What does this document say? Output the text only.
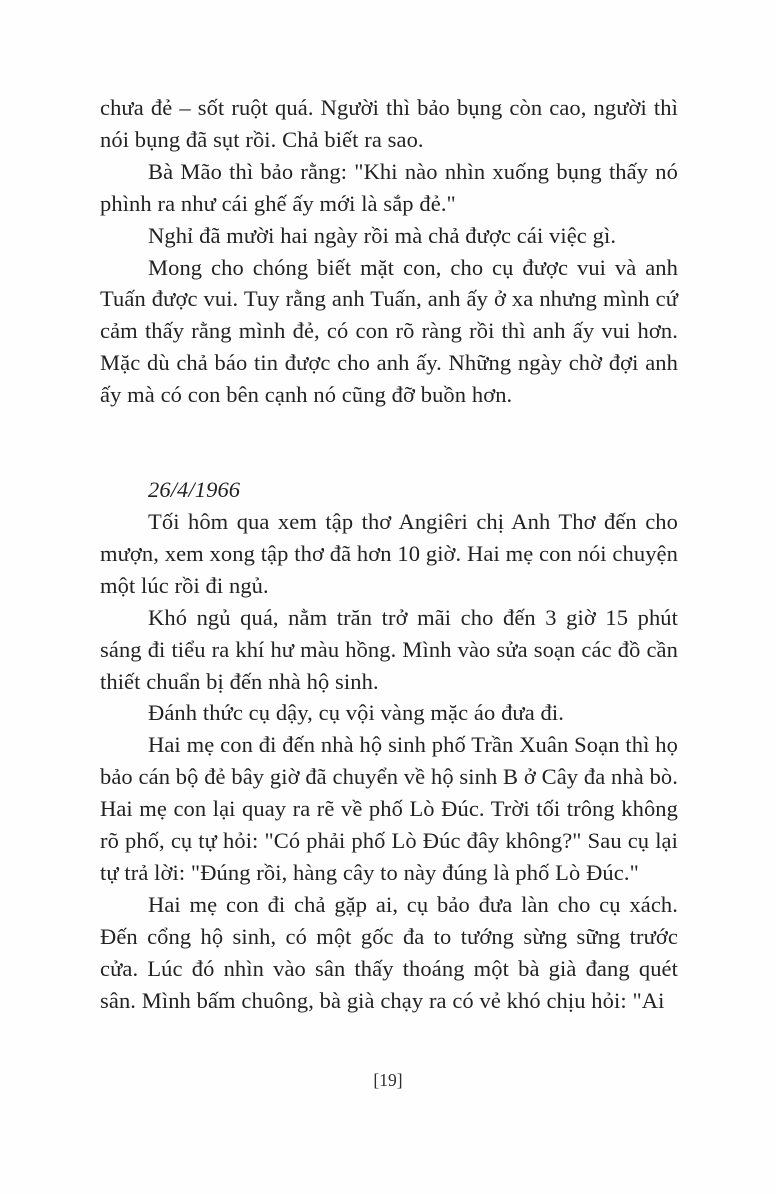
chưa đẻ – sốt ruột quá. Người thì bảo bụng còn cao, người thì nói bụng đã sụt rồi. Chả biết ra sao.

Bà Mão thì bảo rằng: "Khi nào nhìn xuống bụng thấy nó phình ra như cái ghế ấy mới là sắp đẻ."

Nghỉ đã mười hai ngày rồi mà chả được cái việc gì.

Mong cho chóng biết mặt con, cho cụ được vui và anh Tuấn được vui. Tuy rằng anh Tuấn, anh ấy ở xa nhưng mình cứ cảm thấy rằng mình đẻ, có con rõ ràng rồi thì anh ấy vui hơn. Mặc dù chả báo tin được cho anh ấy. Những ngày chờ đợi anh ấy mà có con bên cạnh nó cũng đỡ buồn hơn.

26/4/1966

Tối hôm qua xem tập thơ Angiêri chị Anh Thơ đến cho mượn, xem xong tập thơ đã hơn 10 giờ. Hai mẹ con nói chuyện một lúc rồi đi ngủ.

Khó ngủ quá, nằm trăn trở mãi cho đến 3 giờ 15 phút sáng đi tiểu ra khí hư màu hồng. Mình vào sửa soạn các đồ cần thiết chuẩn bị đến nhà hộ sinh.

Đánh thức cụ dậy, cụ vội vàng mặc áo đưa đi.

Hai mẹ con đi đến nhà hộ sinh phố Trần Xuân Soạn thì họ bảo cán bộ đẻ bây giờ đã chuyển về hộ sinh B ở Cây đa nhà bò. Hai mẹ con lại quay ra rẽ về phố Lò Đúc. Trời tối trông không rõ phố, cụ tự hỏi: "Có phải phố Lò Đúc đây không?" Sau cụ lại tự trả lời: "Đúng rồi, hàng cây to này đúng là phố Lò Đúc."

Hai mẹ con đi chả gặp ai, cụ bảo đưa làn cho cụ xách. Đến cổng hộ sinh, có một gốc đa to tướng sừng sững trước cửa. Lúc đó nhìn vào sân thấy thoáng một bà già đang quét sân. Mình bấm chuông, bà già chạy ra có vẻ khó chịu hỏi: "Ai

[19]
